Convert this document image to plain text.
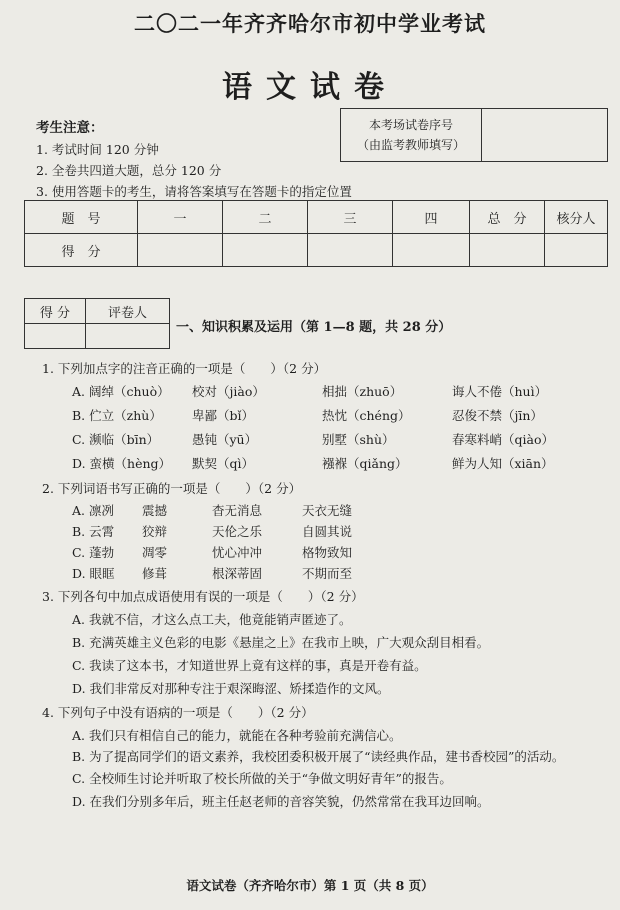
二〇二一年齐齐哈尔市初中学业考试
语文试卷
考生注意：
1. 考试时间 120 分钟
2. 全卷共四道大题，总分 120 分
3. 使用答题卡的考生，请将答案填写在答题卡的指定位置
本考场试卷序号
（由监考教师填写）
题　号	一	二	三	四	总　分	核分人
得　分						
得 分	评卷人

一、知识积累及运用（第 1—8 题，共 28 分）
1. 下列加点字的注音正确的一项是（　　）（2 分）
A. 阔绰（chuò）	校对（jiào）	相拙（zhuō）	诲人不倦（huì）
B. 伫立（zhù）	卑鄙（bǐ）	热忱（chéng）	忍俊不禁（jīn）
C. 濒临（bīn）	愚钝（yū）	别墅（shù）	春寒料峭（qiào）
D. 蛮横（hèng）	默契（qì）	襁褓（qiǎng）	鲜为人知（xiān）
2. 下列词语书写正确的一项是（　　）（2 分）
A. 凛冽	震撼	杳无消息	天衣无缝
B. 云霄	狡辩	天伦之乐	自圆其说
C. 蓬勃	凋零	忧心冲冲	格物致知
D. 眼眶	修葺	根深蒂固	不期而至
3. 下列各句中加点成语使用有误的一项是（　　）（2 分）
A. 我就不信，才这么点工夫，他竟能销声匿迹了。
B. 充满英雄主义色彩的电影《悬崖之上》在我市上映，广大观众刮目相看。
C. 我读了这本书，才知道世界上竟有这样的事，真是开卷有益。
D. 我们非常反对那种专注于艰深晦涩、矫揉造作的文风。
4. 下列句子中没有语病的一项是（　　）（2 分）
A. 我们只有相信自己的能力，就能在各种考验前充满信心。
B. 为了提高同学们的语文素养，我校团委积极开展了“读经典作品，建书香校园”的活动。
C. 全校师生讨论并听取了校长所做的关于“争做文明好青年”的报告。
D. 在我们分别多年后，班主任赵老师的音容笑貌，仍然常常在我耳边回响。
语文试卷（齐齐哈尔市）第 1 页（共 8 页）
